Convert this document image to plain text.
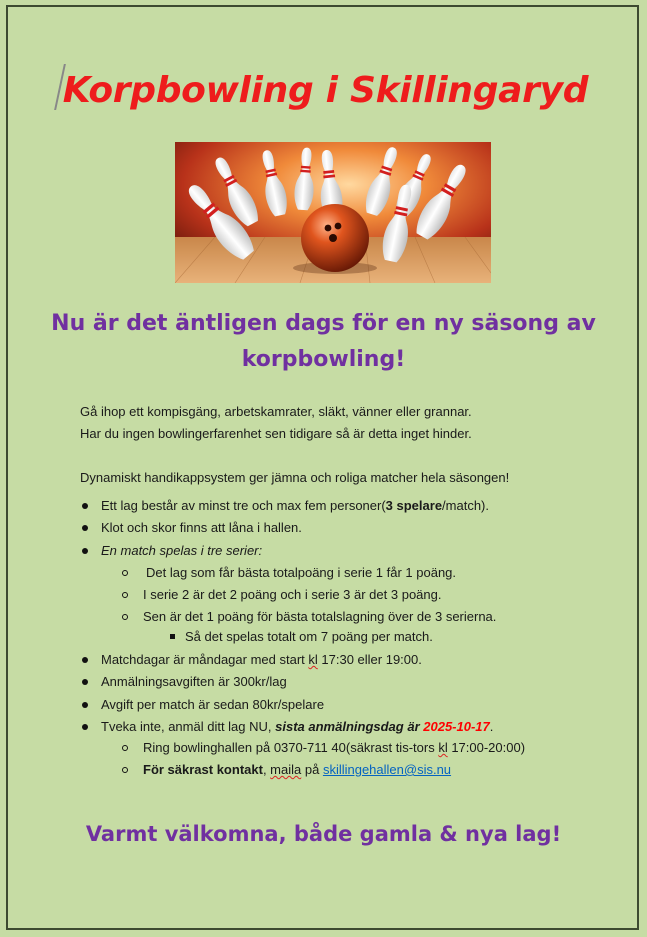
Korpbowling i Skillingaryd
Nu är det äntligen dags för en ny säsong av
korpbowling!
Gå ihop ett kompisgäng, arbetskamrater, släkt, vänner eller grannar.
Har du ingen bowlingerfarenhet sen tidigare så är detta inget hinder.
Dynamiskt handikappsystem ger jämna och roliga matcher hela säsongen!
Ett lag består av minst tre och max fem personer(3 spelare/match).
Klot och skor finns att låna i hallen.
En match spelas i tre serier:
Det lag som får bästa totalpoäng i serie 1 får 1 poäng.
I serie 2 är det 2 poäng och i serie 3 är det 3 poäng.
Sen är det 1 poäng för bästa totalslagning över de 3 serierna.
Så det spelas totalt om 7 poäng per match.
Matchdagar är måndagar med start kl 17:30 eller 19:00.
Anmälningsavgiften är 300kr/lag
Avgift per match är sedan 80kr/spelare
Tveka inte, anmäl ditt lag NU, sista anmälningsdag är 2025-10-17.
Ring bowlinghallen på 0370-711 40(säkrast tis-tors kl 17:00-20:00)
För säkrast kontakt, maila på skillingehallen@sis.nu
Varmt välkomna, både gamla & nya lag!
